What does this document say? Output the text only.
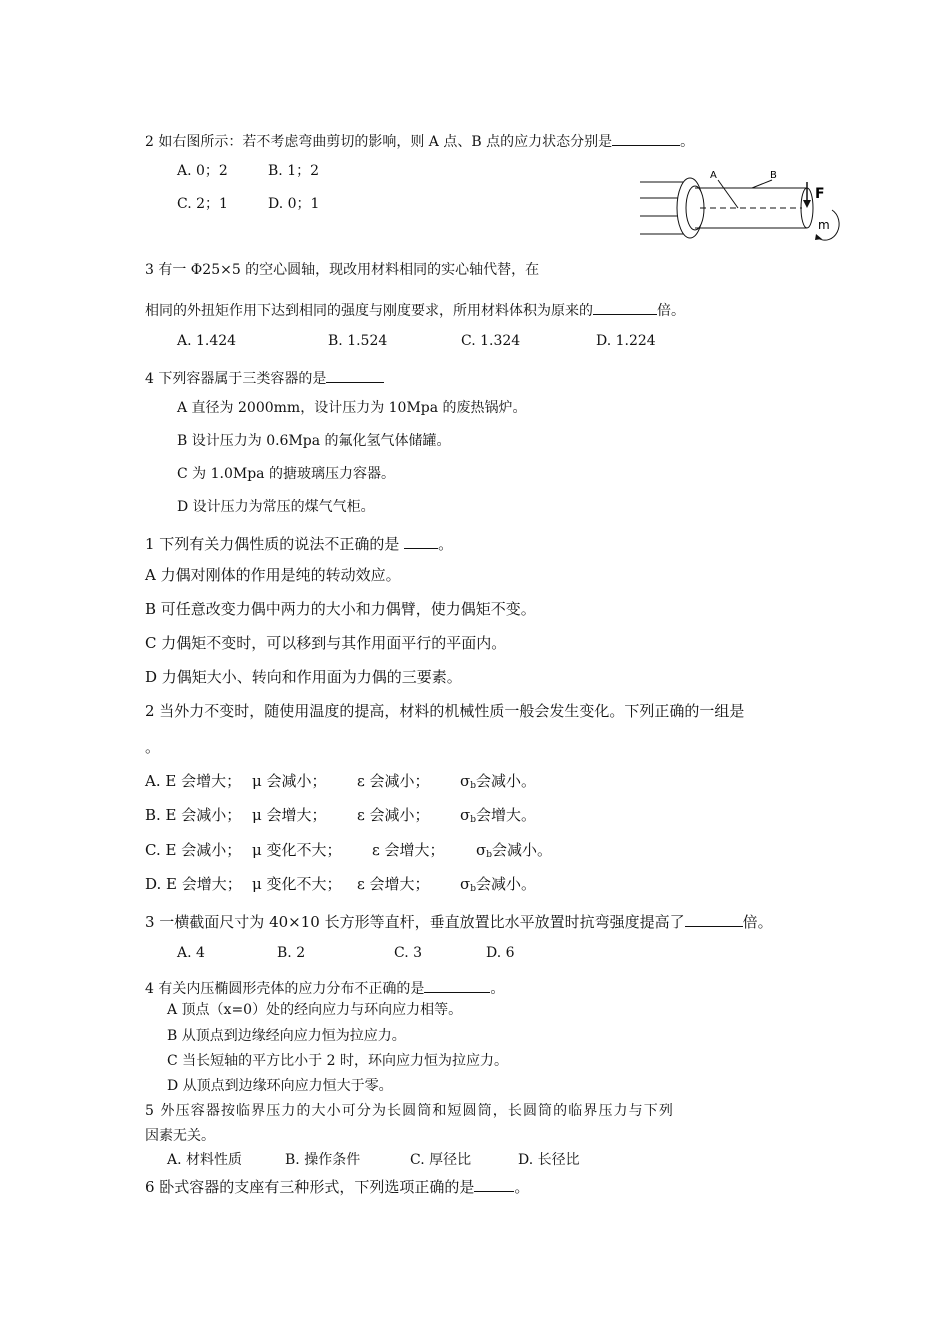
2 如右图所示：若不考虑弯曲剪切的影响，则 A 点、B 点的应力状态分别是	。
A. 0；2	B. 1；2
C. 2；1	D. 0；1
A	B
F
m
3 有一 Φ25×5 的空心圆轴，现改用材料相同的实心轴代替，在
相同的外扭矩作用下达到相同的强度与刚度要求，所用材料体积为原来的	倍。
A. 1.424	B. 1.524	C. 1.324	D. 1.224
4 下列容器属于三类容器的是
A 直径为 2000mm，设计压力为 10Mpa 的废热锅炉。
B 设计压力为 0.6Mpa 的氟化氢气体储罐。
C 为 1.0Mpa 的搪玻璃压力容器。
D 设计压力为常压的煤气气柜。
1 下列有关力偶性质的说法不正确的是	。
A 力偶对刚体的作用是纯的转动效应。
B 可任意改变力偶中两力的大小和力偶臂，使力偶矩不变。
C 力偶矩不变时，可以移到与其作用面平行的平面内。
D 力偶矩大小、转向和作用面为力偶的三要素。
2 当外力不变时，随使用温度的提高，材料的机械性质一般会发生变化。下列正确的一组是
。
A. E 会增大； μ 会减小； ε 会减小； $\sigma_b$会减小。
B. E 会减小； μ 会增大； ε 会减小； $\sigma_b$会增大。
C. E 会减小； μ 变化不大； ε 会增大； $\sigma_b$会减小。
D. E 会增大； μ 变化不大； ε 会增大； $\sigma_b$会减小。
3 一横截面尺寸为 40×10 长方形等直杆，垂直放置比水平放置时抗弯强度提高了	倍。
A. 4	B. 2	C. 3	D. 6
4 有关内压椭圆形壳体的应力分布不正确的是	。
A 顶点（x=0）处的经向应力与环向应力相等。
B 从顶点到边缘经向应力恒为拉应力。
C 当长短轴的平方比小于 2 时，环向应力恒为拉应力。
D 从顶点到边缘环向应力恒大于零。
5 外压容器按临界压力的大小可分为长圆筒和短圆筒，长圆筒的临界压力与下列
因素无关。
A. 材料性质	B. 操作条件	C. 厚径比	D. 长径比
6 卧式容器的支座有三种形式，下列选项正确的是	。
